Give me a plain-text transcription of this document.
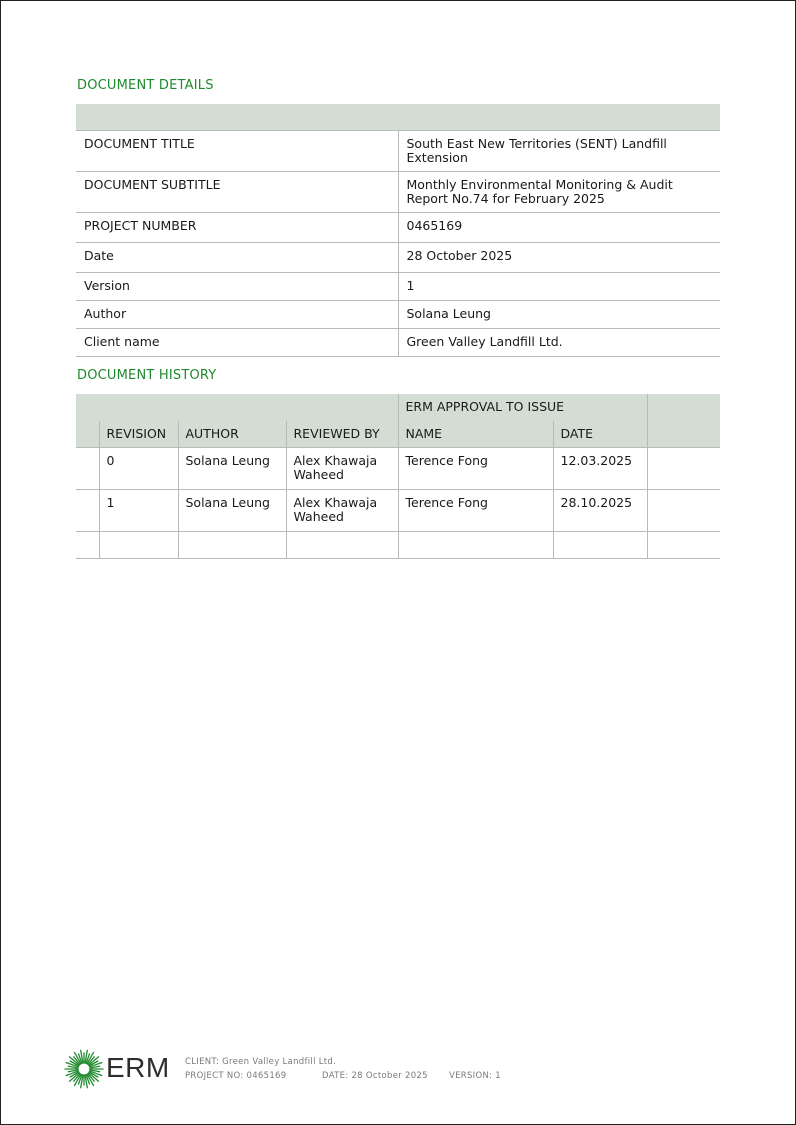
DOCUMENT DETAILS

DOCUMENT TITLE	South East New Territories (SENT) Landfill Extension
DOCUMENT SUBTITLE	Monthly Environmental Monitoring & Audit Report No.74 for February 2025
PROJECT NUMBER	0465169
Date	28 October 2025
Version	1
Author	Solana Leung
Client name	Green Valley Landfill Ltd.
DOCUMENT HISTORY
				ERM APPROVAL TO ISSUE		
	REVISION	AUTHOR	REVIEWED BY	NAME	DATE	
	0	Solana Leung	Alex Khawaja Waheed	Terence Fong	12.03.2025	
	1	Solana Leung	Alex Khawaja Waheed	Terence Fong	28.10.2025	

ERM CLIENT: Green Valley Landfill Ltd.
PROJECT NO: 0465169	DATE: 28 October 2025 VERSION: 1
